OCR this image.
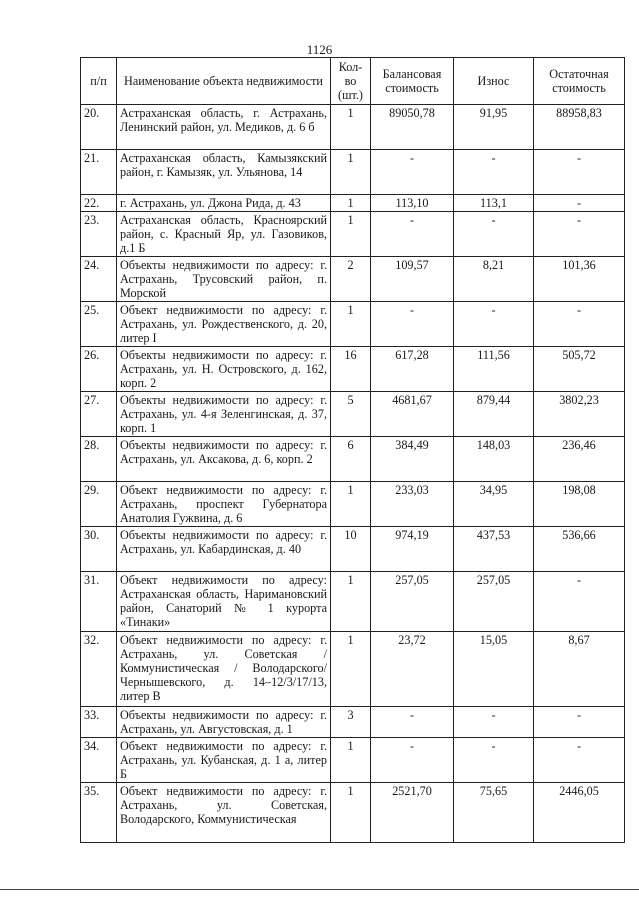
1126
п/п	Наименование объекта недвижимости	Кол-во (шт.)	Балансовая стоимость	Износ	Остаточная стоимость
20.	Астраханская область, г. Астрахань, Ленинский район, ул. Медиков, д. 6 б	1	89050,78	91,95	88958,83
21.	Астраханская область, Камызякский район, г. Камызяк, ул. Ульянова, 14	1	-	-	-
22.	г. Астрахань, ул. Джона Рида, д. 43	1	113,10	113,1	-
23.	Астраханская область, Красноярский район, с. Красный Яр, ул. Газовиков, д.1 Б	1	-	-	-
24.	Объекты недвижимости по адресу: г. Астрахань, Трусовский район, п. Морской	2	109,57	8,21	101,36
25.	Объект недвижимости по адресу: г. Астрахань, ул. Рождественского, д. 20, литер I	1	-	-	-
26.	Объекты недвижимости по адресу: г. Астрахань, ул. Н. Островского, д. 162, корп. 2	16	617,28	111,56	505,72
27.	Объекты недвижимости по адресу: г. Астрахань, ул. 4-я Зеленгинская, д. 37, корп. 1	5	4681,67	879,44	3802,23
28.	Объекты недвижимости по адресу: г. Астрахань, ул. Аксакова, д. 6, корп. 2	6	384,49	148,03	236,46
29.	Объект недвижимости по адресу: г. Астрахань, проспект Губернатора Анатолия Гужвина, д. 6	1	233,03	34,95	198,08
30.	Объекты недвижимости по адресу: г. Астрахань, ул. Кабардинская, д. 40	10	974,19	437,53	536,66
31.	Объект недвижимости по адресу: Астраханская область, Наримановский район, Санаторий № 1 курорта «Тинаки»	1	257,05	257,05	-
32.	Объект недвижимости по адресу: г. Астрахань, ул. Советская / Коммунистическая / Володарского/ Чернышевского, д. 14–12/3/17/13, литер В	1	23,72	15,05	8,67
33.	Объекты недвижимости по адресу: г. Астрахань, ул. Августовская, д. 1	3	-	-	-
34.	Объект недвижимости по адресу: г. Астрахань, ул. Кубанская, д. 1 а, литер Б	1	-	-	-
35.	Объект недвижимости по адресу: г. Астрахань, ул. Советская, Володарского, Коммунистическая	1	2521,70	75,65	2446,05
